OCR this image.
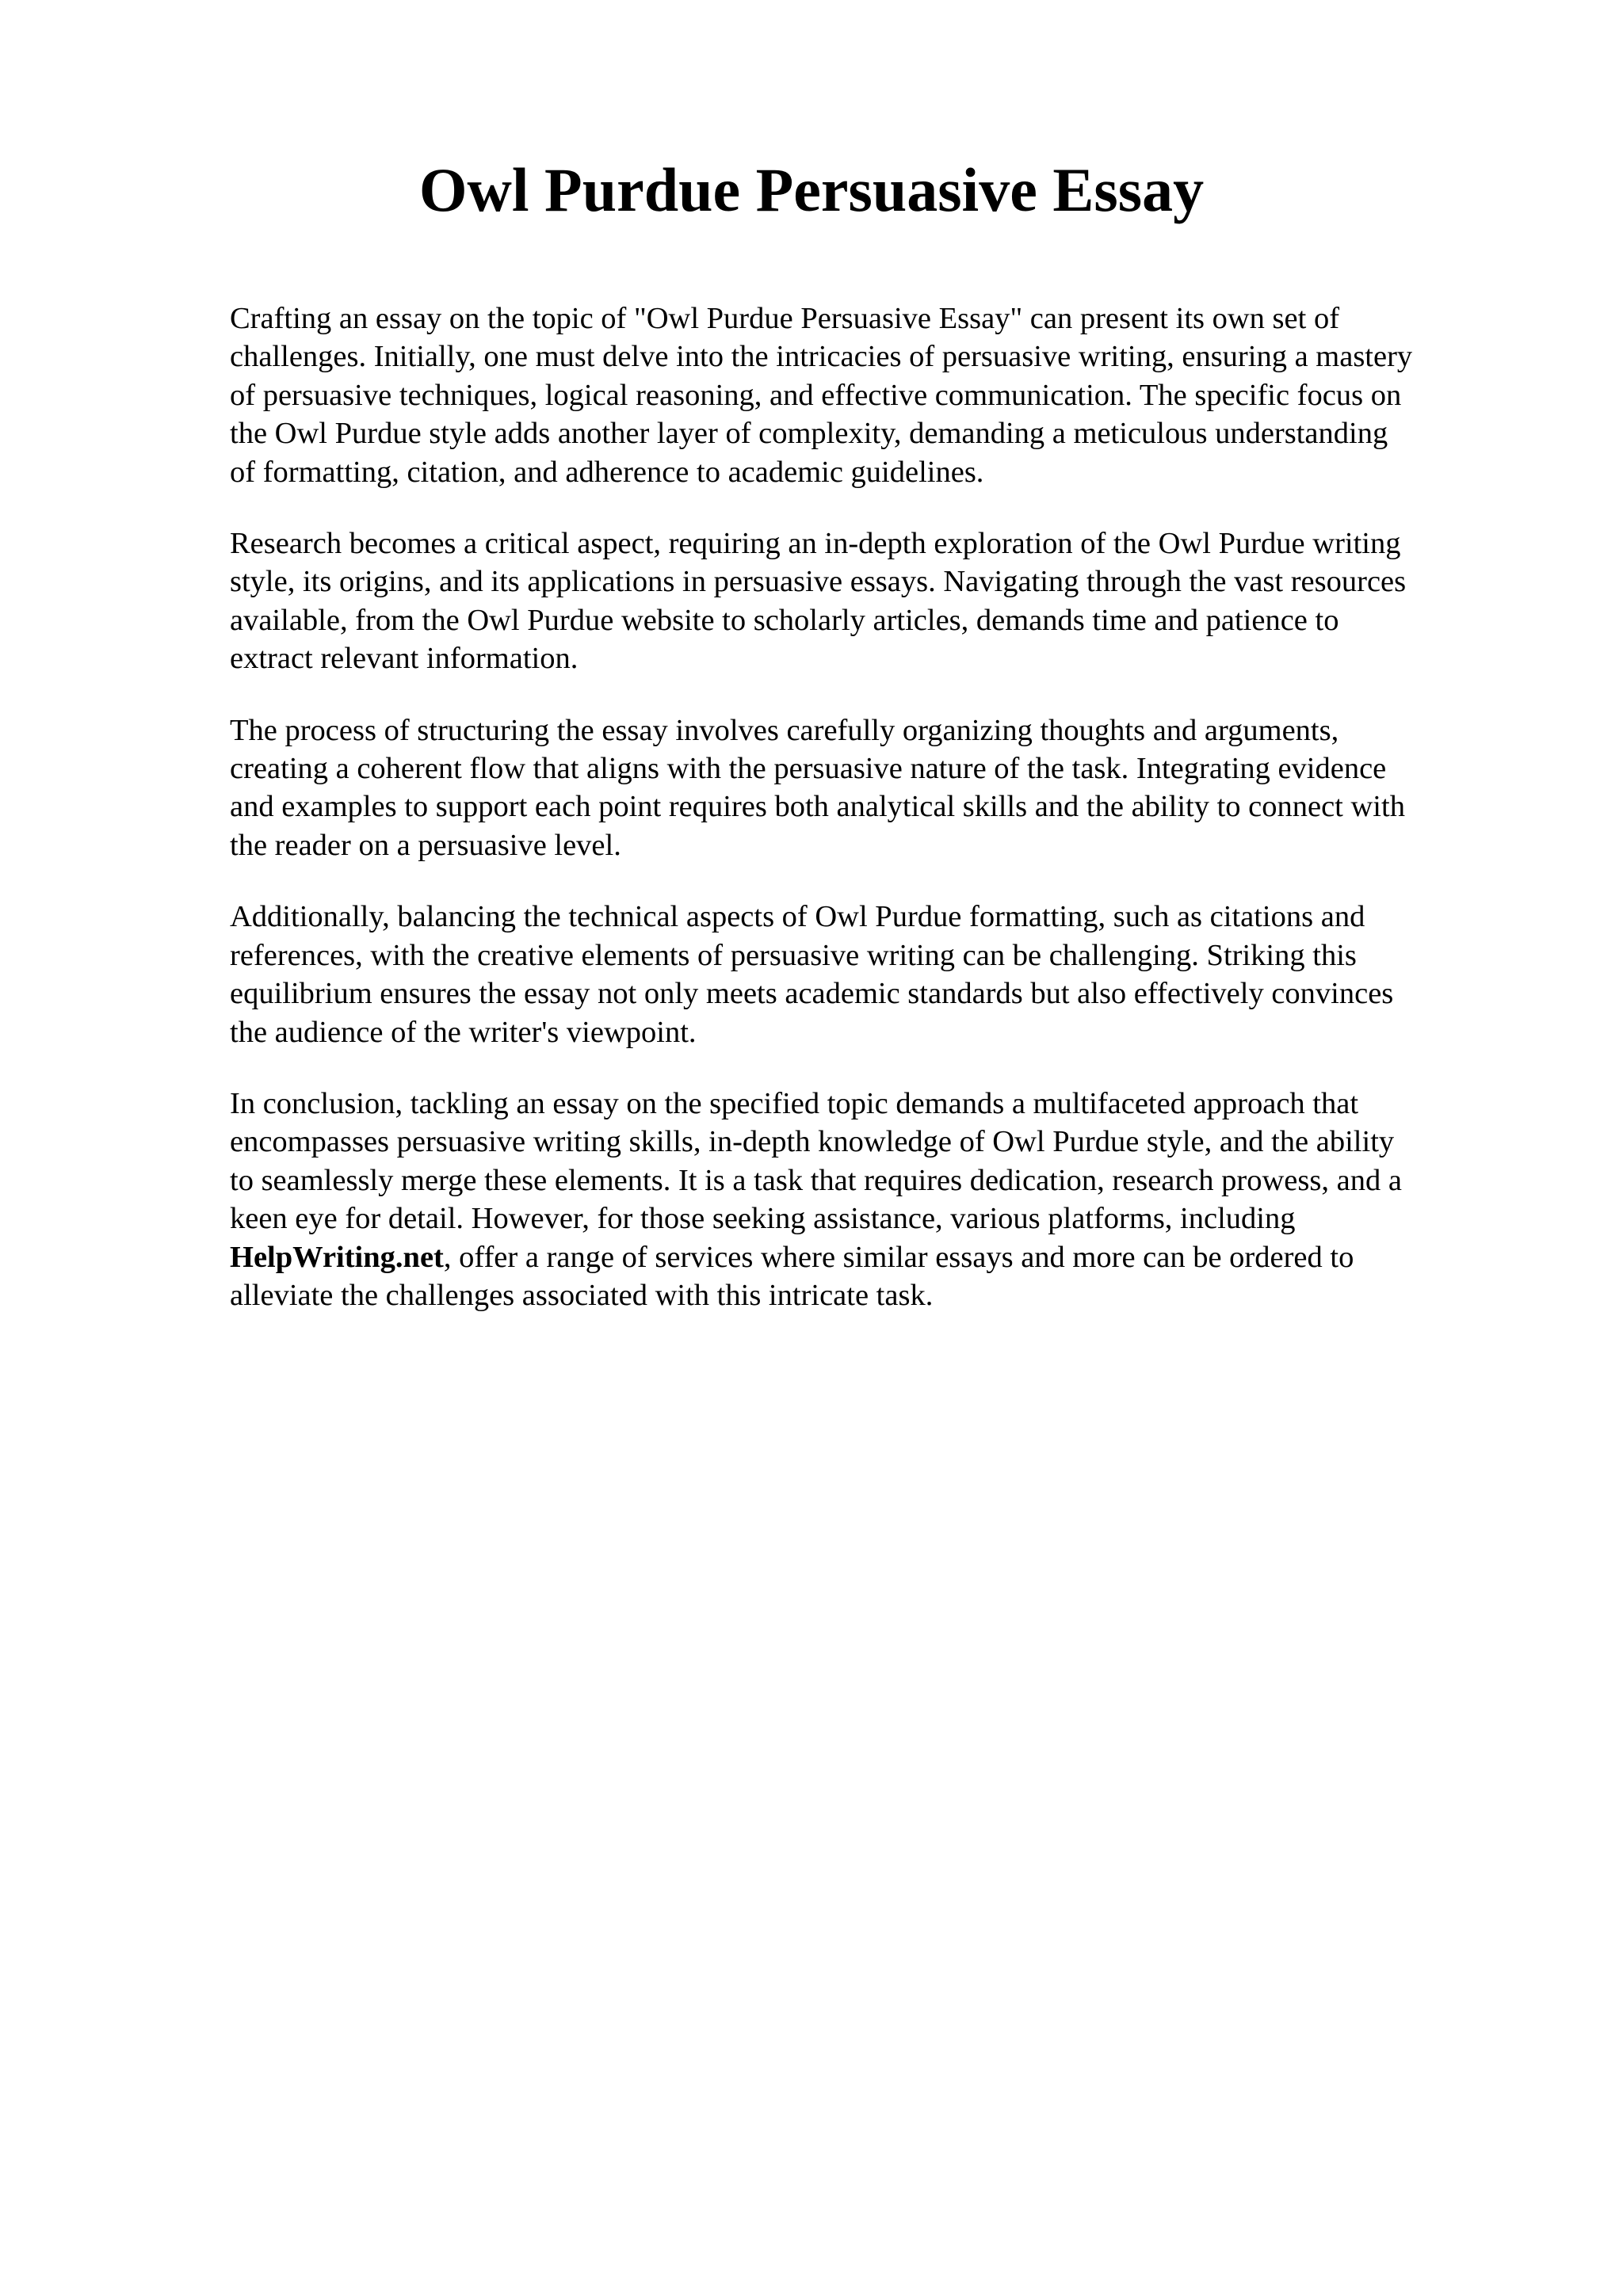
Owl Purdue Persuasive Essay

Crafting an essay on the topic of "Owl Purdue Persuasive Essay" can present its own set of
challenges. Initially, one must delve into the intricacies of persuasive writing, ensuring a mastery
of persuasive techniques, logical reasoning, and effective communication. The specific focus on
the Owl Purdue style adds another layer of complexity, demanding a meticulous understanding
of formatting, citation, and adherence to academic guidelines.

Research becomes a critical aspect, requiring an in-depth exploration of the Owl Purdue writing
style, its origins, and its applications in persuasive essays. Navigating through the vast resources
available, from the Owl Purdue website to scholarly articles, demands time and patience to
extract relevant information.

The process of structuring the essay involves carefully organizing thoughts and arguments,
creating a coherent flow that aligns with the persuasive nature of the task. Integrating evidence
and examples to support each point requires both analytical skills and the ability to connect with
the reader on a persuasive level.

Additionally, balancing the technical aspects of Owl Purdue formatting, such as citations and
references, with the creative elements of persuasive writing can be challenging. Striking this
equilibrium ensures the essay not only meets academic standards but also effectively convinces
the audience of the writer's viewpoint.

In conclusion, tackling an essay on the specified topic demands a multifaceted approach that
encompasses persuasive writing skills, in-depth knowledge of Owl Purdue style, and the ability
to seamlessly merge these elements. It is a task that requires dedication, research prowess, and a
keen eye for detail. However, for those seeking assistance, various platforms, including
HelpWriting.net, offer a range of services where similar essays and more can be ordered to
alleviate the challenges associated with this intricate task.
